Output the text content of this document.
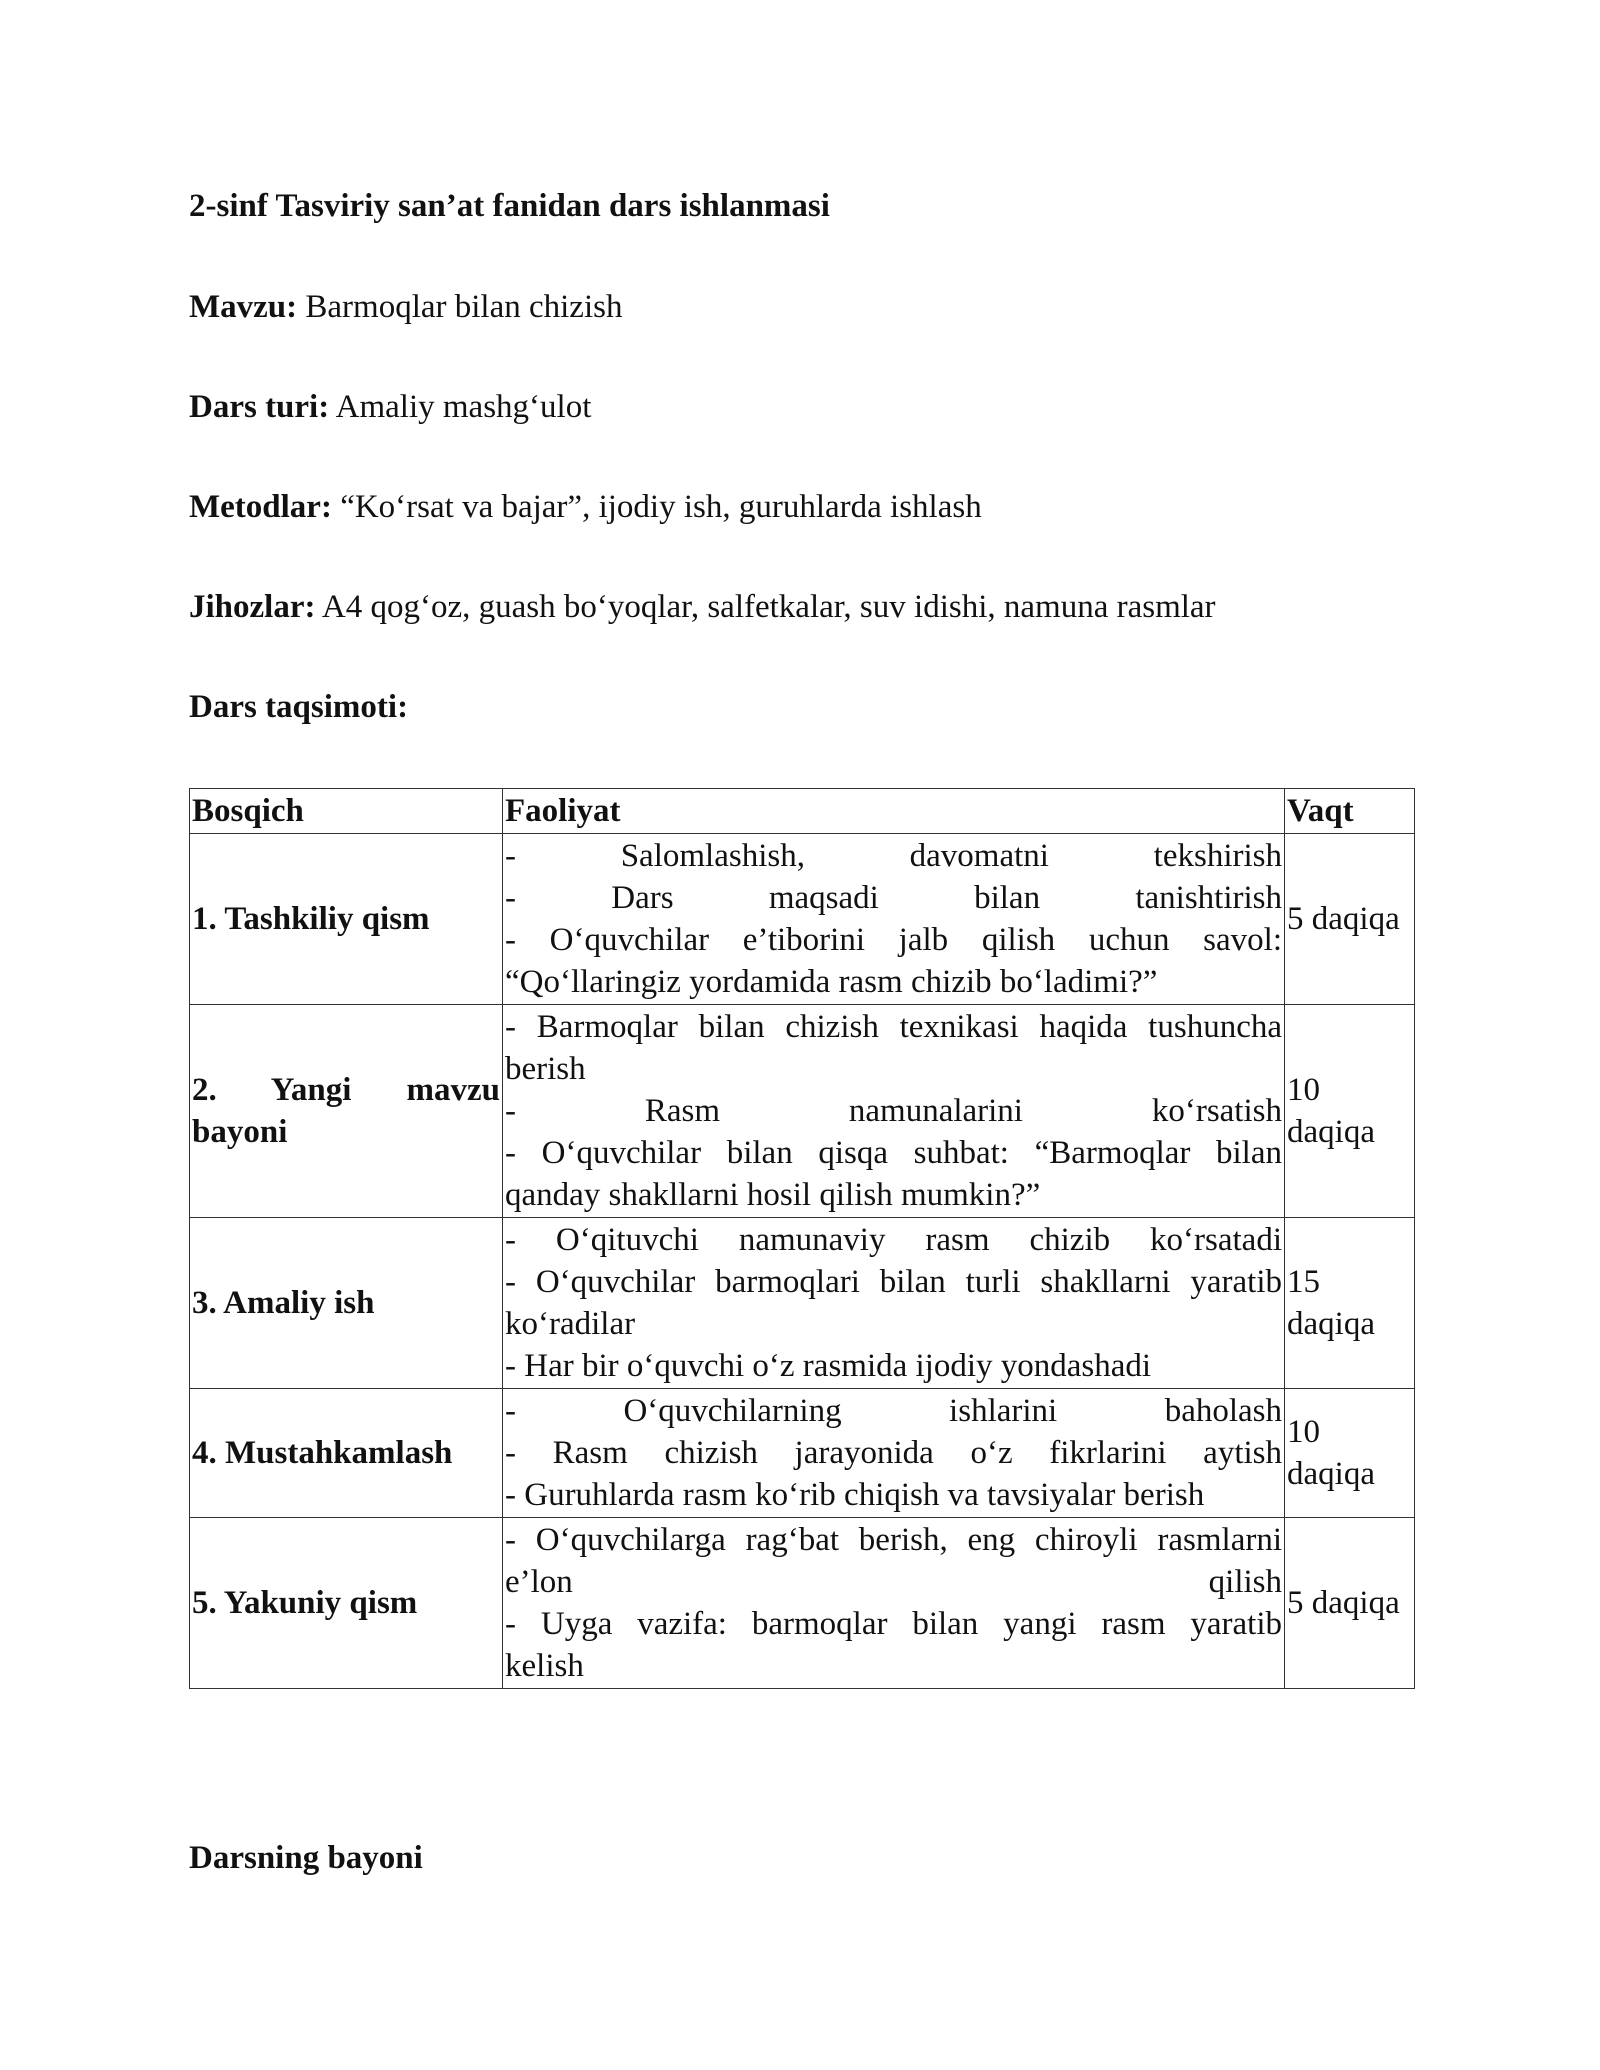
2-sinf Tasviriy san’at fanidan dars ishlanmasi
Mavzu: Barmoqlar bilan chizish
Dars turi: Amaliy mashg‘ulot
Metodlar: “Ko‘rsat va bajar”, ijodiy ish, guruhlarda ishlash
Jihozlar: A4 qog‘oz, guash bo‘yoqlar, salfetkalar, suv idishi, namuna rasmlar
Dars taqsimoti:
Bosqich	Faoliyat	Vaqt
1. Tashkiliy qism	- Salomlashish, davomatni tekshirish
- Dars maqsadi bilan tanishtirish
- O‘quvchilar e’tiborini jalb qilish uchun savol:
“Qo‘llaringiz yordamida rasm chizib bo‘ladimi?”	5 daqiqa
2. Yangi mavzu bayoni	- Barmoqlar bilan chizish texnikasi haqida tushuncha
berish
- Rasm namunalarini ko‘rsatish
- O‘quvchilar bilan qisqa suhbat: “Barmoqlar bilan
qanday shakllarni hosil qilish mumkin?”	10 daqiqa
3. Amaliy ish	- O‘qituvchi namunaviy rasm chizib ko‘rsatadi
- O‘quvchilar barmoqlari bilan turli shakllarni yaratib
ko‘radilar
- Har bir o‘quvchi o‘z rasmida ijodiy yondashadi	15 daqiqa
4. Mustahkamlash	- O‘quvchilarning ishlarini baholash
- Rasm chizish jarayonida o‘z fikrlarini aytish
- Guruhlarda rasm ko‘rib chiqish va tavsiyalar berish	10 daqiqa
5. Yakuniy qism	- O‘quvchilarga rag‘bat berish, eng chiroyli rasmlarni
e’lon qilish
- Uyga vazifa: barmoqlar bilan yangi rasm yaratib
kelish	5 daqiqa
Darsning bayoni
